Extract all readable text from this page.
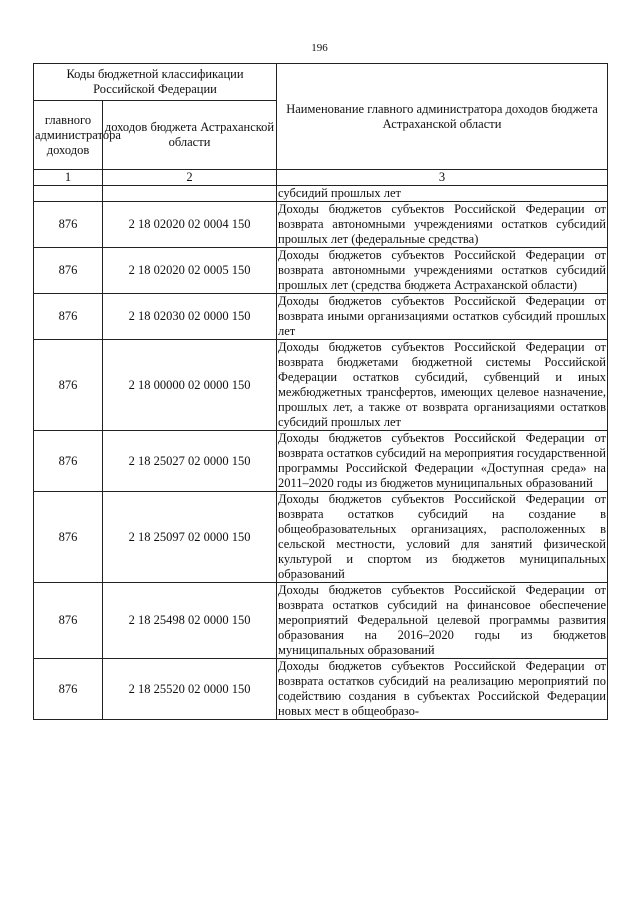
196
Коды бюджетной классификации Российской Федерации		Наименование главного администратора доходов бюджета Астраханской области
главного администратора доходов	доходов бюджета Астраханской области	
1	2	3
		субсидий прошлых лет
876	2 18 02020 02 0004 150	Доходы бюджетов субъектов Российской Федерации от возврата автономными учреждениями остатков субсидий прошлых лет (федеральные средства)
876	2 18 02020 02 0005 150	Доходы бюджетов субъектов Российской Федерации от возврата автономными учреждениями остатков субсидий прошлых лет (средства бюджета Астраханской области)
876	2 18 02030 02 0000 150	Доходы бюджетов субъектов Российской Федерации от возврата иными организациями остатков субсидий прошлых лет
876	2 18 00000 02 0000 150	Доходы бюджетов субъектов Российской Федерации от возврата бюджетами бюджетной системы Российской Федерации остатков субсидий, субвенций и иных межбюджетных трансфертов, имеющих целевое назначение, прошлых лет, а также от возврата организациями остатков субсидий прошлых лет
876	2 18 25027 02 0000 150	Доходы бюджетов субъектов Российской Федерации от возврата остатков субсидий на мероприятия государственной программы Российской Федерации «Доступная среда» на 2011–2020 годы из бюджетов муниципальных образований
876	2 18 25097 02 0000 150	Доходы бюджетов субъектов Российской Федерации от возврата остатков субсидий на создание в общеобразовательных организациях, расположенных в сельской местности, условий для занятий физической культурой и спортом из бюджетов муниципальных образований
876	2 18 25498 02 0000 150	Доходы бюджетов субъектов Российской Федерации от возврата остатков субсидий на финансовое обеспечение мероприятий Федеральной целевой программы развития образования на 2016–2020 годы из бюджетов муниципальных образований
876	2 18 25520 02 0000 150	Доходы бюджетов субъектов Российской Федерации от возврата остатков субсидий на реализацию мероприятий по содействию создания в субъектах Российской Федерации новых мест в общеобразо-
